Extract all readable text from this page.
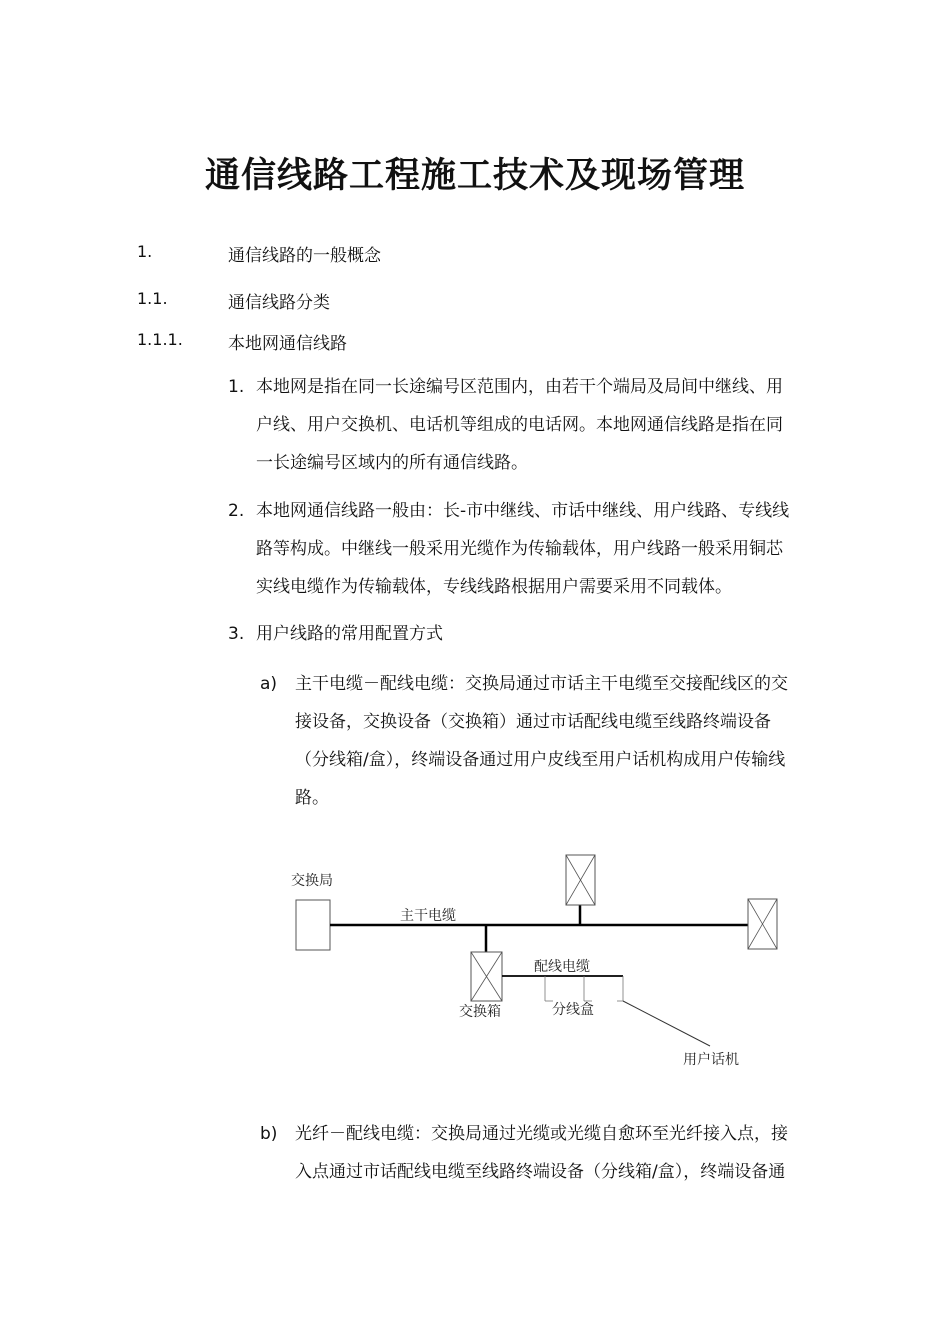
通信线路工程施工技术及现场管理
1.	通信线路的一般概念
1.1.	通信线路分类
1.1.1.	本地网通信线路
1. 本地网是指在同一长途编号区范围内，由若干个端局及局间中继线、用
户线、用户交换机、电话机等组成的电话网。本地网通信线路是指在同
一长途编号区域内的所有通信线路。
2. 本地网通信线路一般由：长-市中继线、市话中继线、用户线路、专线线
路等构成。中继线一般采用光缆作为传输载体，用户线路一般采用铜芯
实线电缆作为传输载体，专线线路根据用户需要采用不同载体。
3. 用户线路的常用配置方式
a) 主干电缆－配线电缆：交换局通过市话主干电缆至交接配线区的交
接设备，交换设备（交换箱）通过市话配线电缆至线路终端设备
（分线箱/盒），终端设备通过用户皮线至用户话机构成用户传输线
路。
交换局
主干电缆
交换箱
配线电缆
分线盒
用户话机
b) 光纤－配线电缆：交换局通过光缆或光缆自愈环至光纤接入点，接
入点通过市话配线电缆至线路终端设备（分线箱/盒），终端设备通
